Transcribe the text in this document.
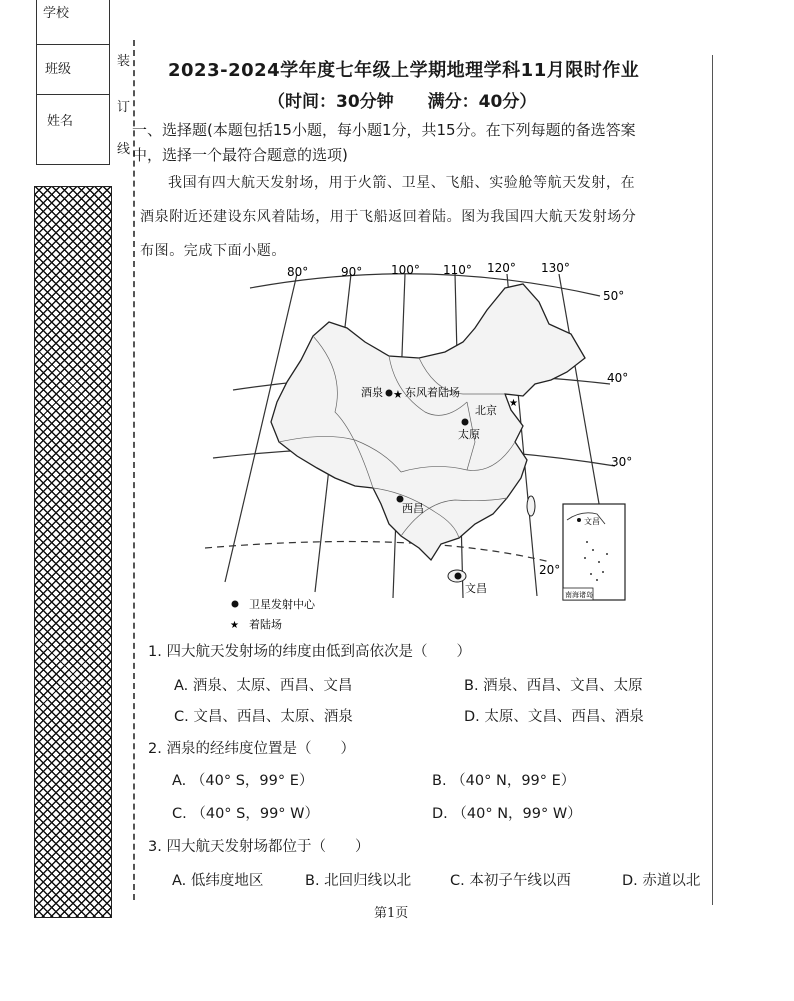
学校
班级
姓名
装
订
线
2023-2024学年度七年级上学期地理学科11月限时作业
（时间：30分钟　　满分：40分）
一、选择题(本题包括15小题，每小题1分，共15分。在下列每题的备选答案
中，选择一个最符合题意的选项)
我国有四大航天发射场，用于火箭、卫星、飞船、实验舱等航天发射，在
酒泉附近还建设东风着陆场，用于飞船返回着陆。图为我国四大航天发射场分
布图。完成下面小题。
80°	90° 100° 110° 120° 130°
50°
40°
30°
20°
酒泉 ★ 东风着陆场
★
北京
太原
西昌
文昌
文昌
南海诸岛
卫星发射中心
★ 着陆场
1. 四大航天发射场的纬度由低到高依次是（　　）
A. 酒泉、太原、西昌、文昌	B. 酒泉、西昌、文昌、太原
C. 文昌、西昌、太原、酒泉	D. 太原、文昌、西昌、酒泉
2. 酒泉的经纬度位置是（　　）
A. （40° S，99° E）	B. （40° N，99° E）
C. （40° S，99° W）	D. （40° N，99° W）
3. 四大航天发射场都位于（　　）
A. 低纬度地区	B. 北回归线以北	C. 本初子午线以西	D. 赤道以北
第1页
